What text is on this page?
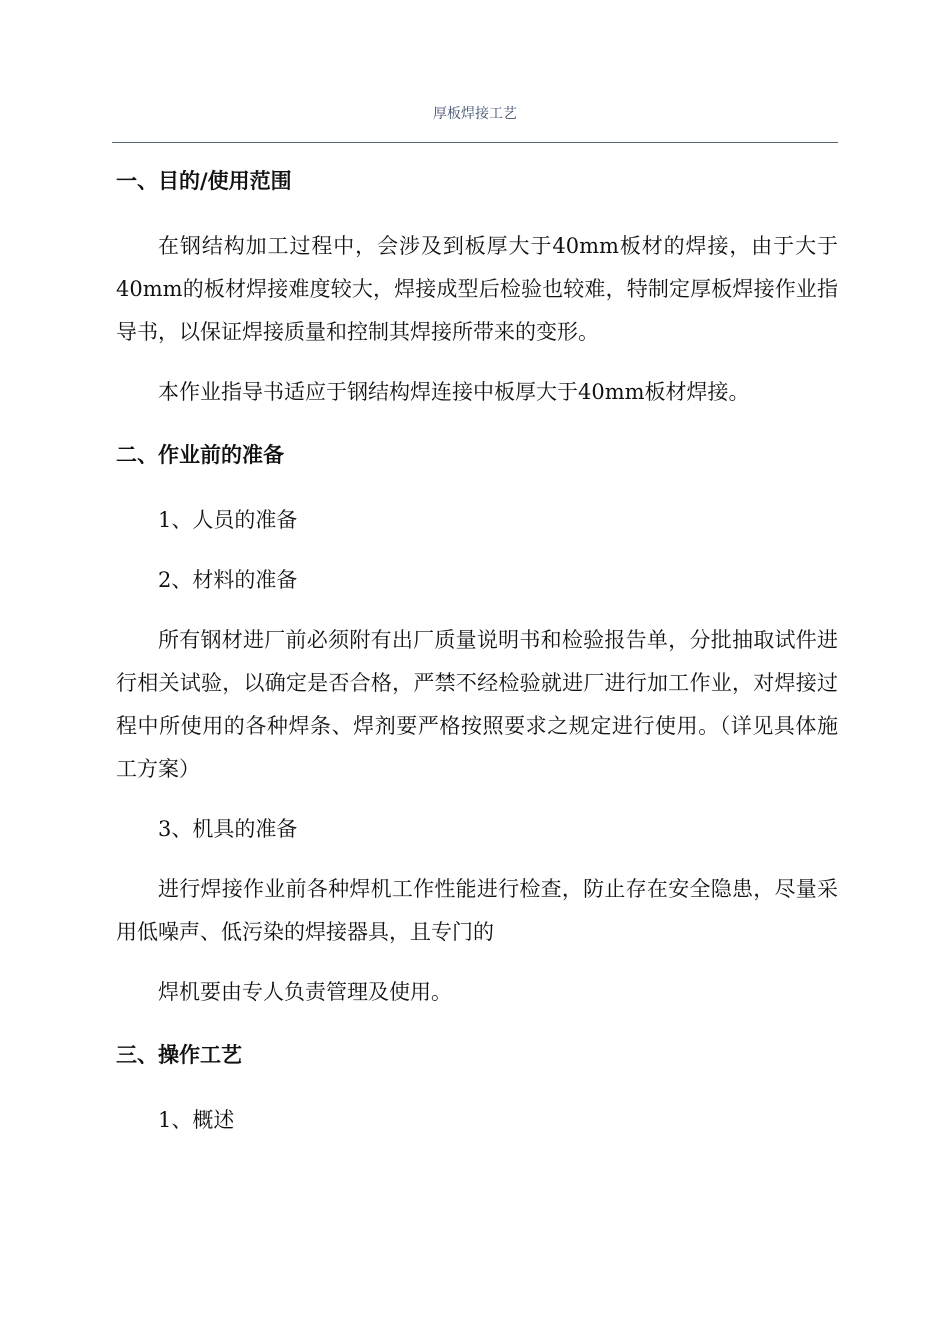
厚板焊接工艺
一、目的/使用范围

在钢结构加工过程中，会涉及到板厚大于40mm板材的焊接，由于大于40mm的板材焊接难度较大，焊接成型后检验也较难，特制定厚板焊接作业指导书，以保证焊接质量和控制其焊接所带来的变形。

本作业指导书适应于钢结构焊连接中板厚大于40mm板材焊接。

二、作业前的准备

1、人员的准备

2、材料的准备

所有钢材进厂前必须附有出厂质量说明书和检验报告单，分批抽取试件进行相关试验，以确定是否合格，严禁不经检验就进厂进行加工作业，对焊接过程中所使用的各种焊条、焊剂要严格按照要求之规定进行使用。（详见具体施工方案）

3、机具的准备

进行焊接作业前各种焊机工作性能进行检查，防止存在安全隐患，尽量采用低噪声、低污染的焊接器具，且专门的

焊机要由专人负责管理及使用。

三、操作工艺

1、概述
